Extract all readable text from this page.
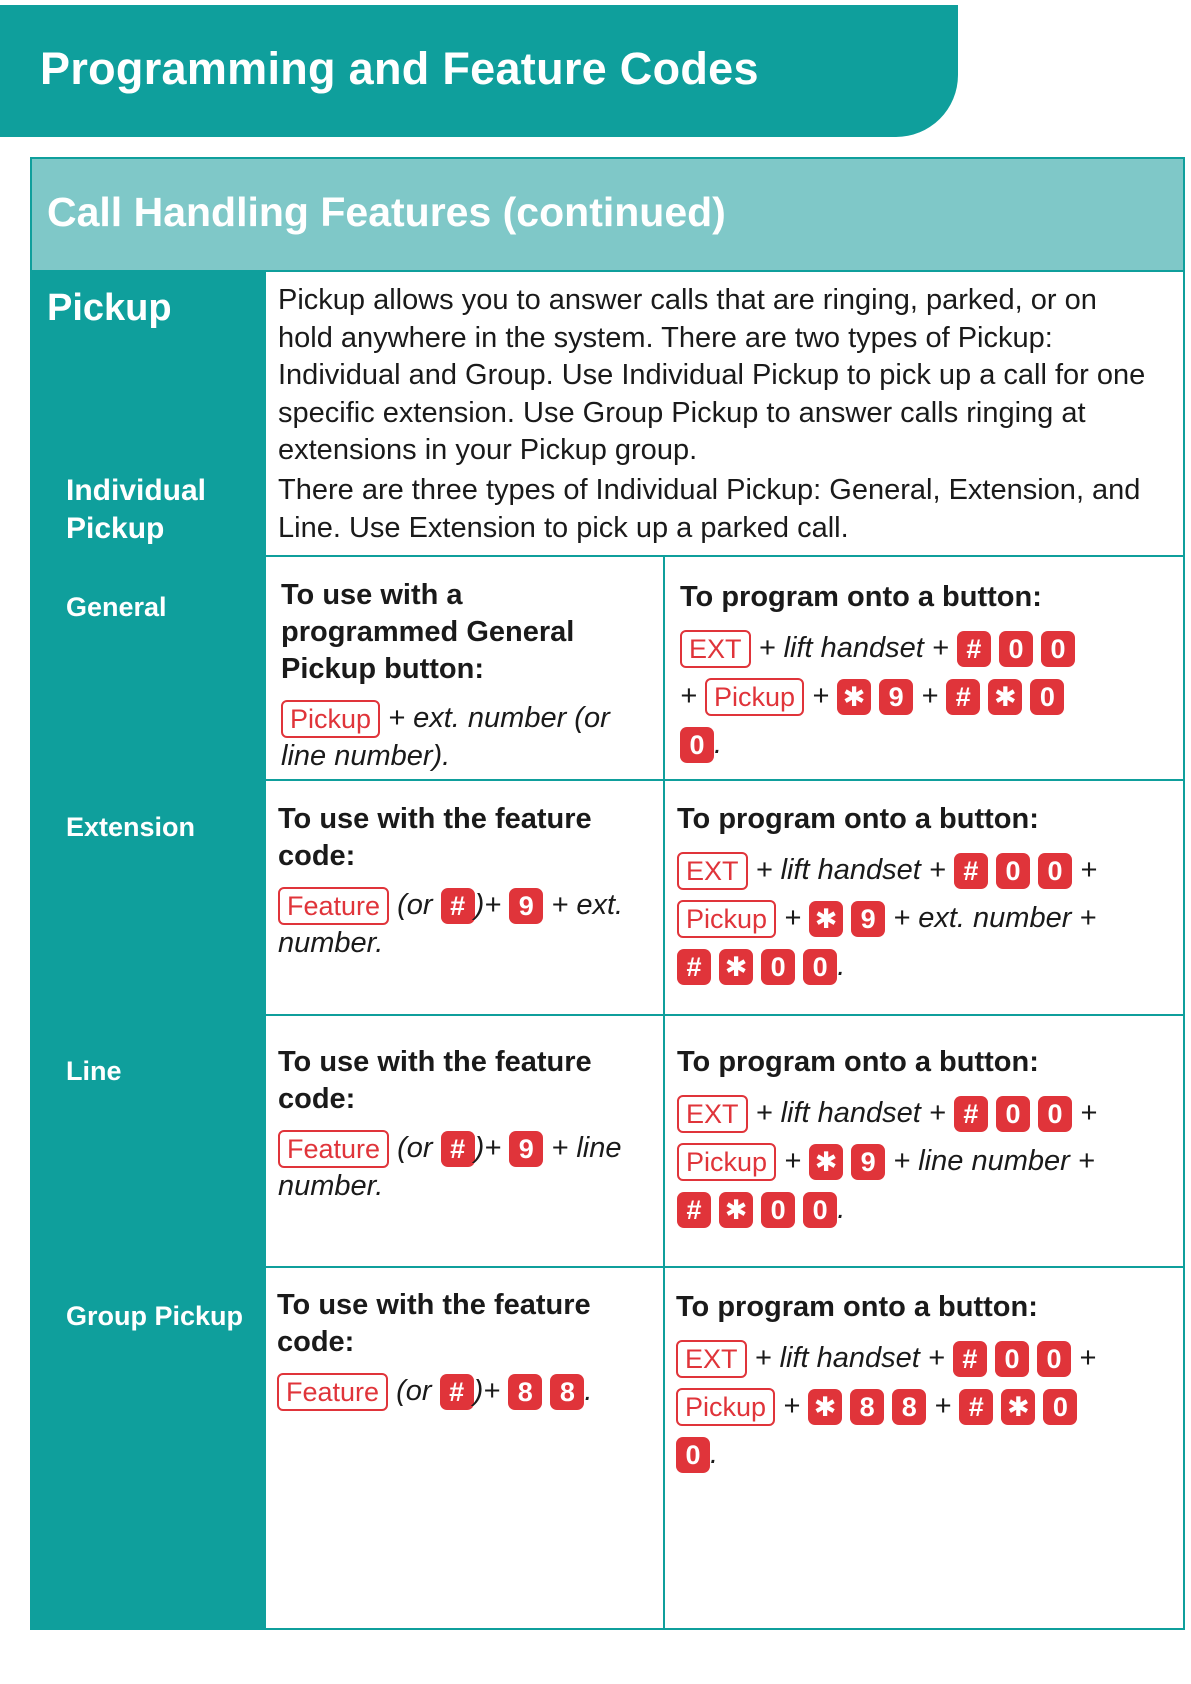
Programming and Feature Codes
Call Handling Features (continued)

Pickup

Individual Pickup

General

Extension

Line

Group Pickup

Pickup allows you to answer calls that are ringing, parked, or on hold anywhere in the system. There are two types of Pickup: Individual and Group. Use Individual Pickup to pick up a call for one specific extension. Use Group Pickup to answer calls ringing at extensions in your Pickup group.

There are three types of Individual Pickup: General, Extension, and Line. Use Extension to pick up a parked call.

To use with a programmed General Pickup button:

Pickup + ext. number (or line number).

To program onto a button:

EXT + lift handset + # 0 0 + Pickup + ✱ 9 + # ✱ 0 0 .

To use with the feature code:

Feature (or # )+ 9 + ext. number.

To program onto a button:

EXT + lift handset + # 0 0 + Pickup + ✱ 9 + ext. number + # ✱ 0 0 .

To use with the feature code:

Feature (or # )+ 9 + line number.

To program onto a button:

EXT + lift handset + # 0 0 + Pickup + ✱ 9 + line number + # ✱ 0 0 .

To use with the feature code:

Feature (or # )+ 8 8 .

To program onto a button:

EXT + lift handset + # 0 0 + Pickup + ✱ 8 8 + # ✱ 0 0 .
